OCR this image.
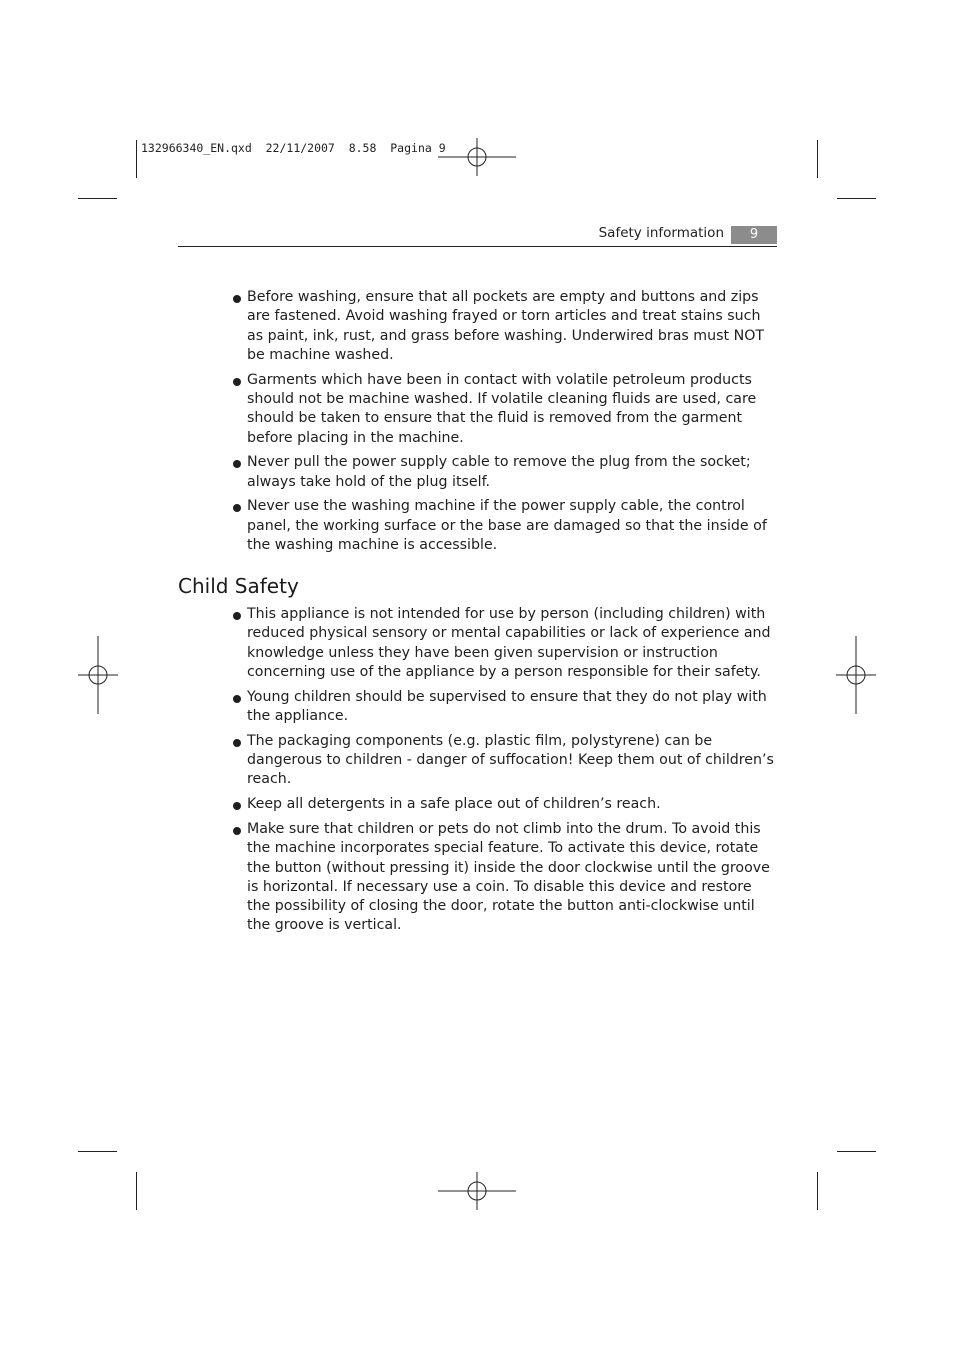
132966340_EN.qxd  22/11/2007  8.58  Pagina 9
Safety information	9
Before washing, ensure that all pockets are empty and buttons and zips are fastened. Avoid washing frayed or torn articles and treat stains such as paint, ink, rust, and grass before washing. Underwired bras must NOT be machine washed.
Garments which have been in contact with volatile petroleum products should not be machine washed. If volatile cleaning fluids are used, care should be taken to ensure that the fluid is removed from the garment before placing in the machine.
Never pull the power supply cable to remove the plug from the socket; always take hold of the plug itself.
Never use the washing machine if the power supply cable, the control panel, the working surface or the base are damaged so that the inside of the washing machine is accessible.
Child Safety
This appliance is not intended for use by person (including children) with reduced physical sensory or mental capabilities or lack of experience and knowledge unless they have been given supervision or instruction concerning use of the appliance by a person responsible for their safety.
Young children should be supervised to ensure that they do not play with the appliance.
The packaging components (e.g. plastic film, polystyrene) can be dangerous to children - danger of suffocation! Keep them out of children’s reach.
Keep all detergents in a safe place out of children’s reach.
Make sure that children or pets do not climb into the drum. To avoid this the machine incorporates special feature. To activate this device, rotate the button (without pressing it) inside the door clockwise until the groove is horizontal. If necessary use a coin. To disable this device and restore the possibility of closing the door, rotate the button anti-clockwise until the groove is vertical.
